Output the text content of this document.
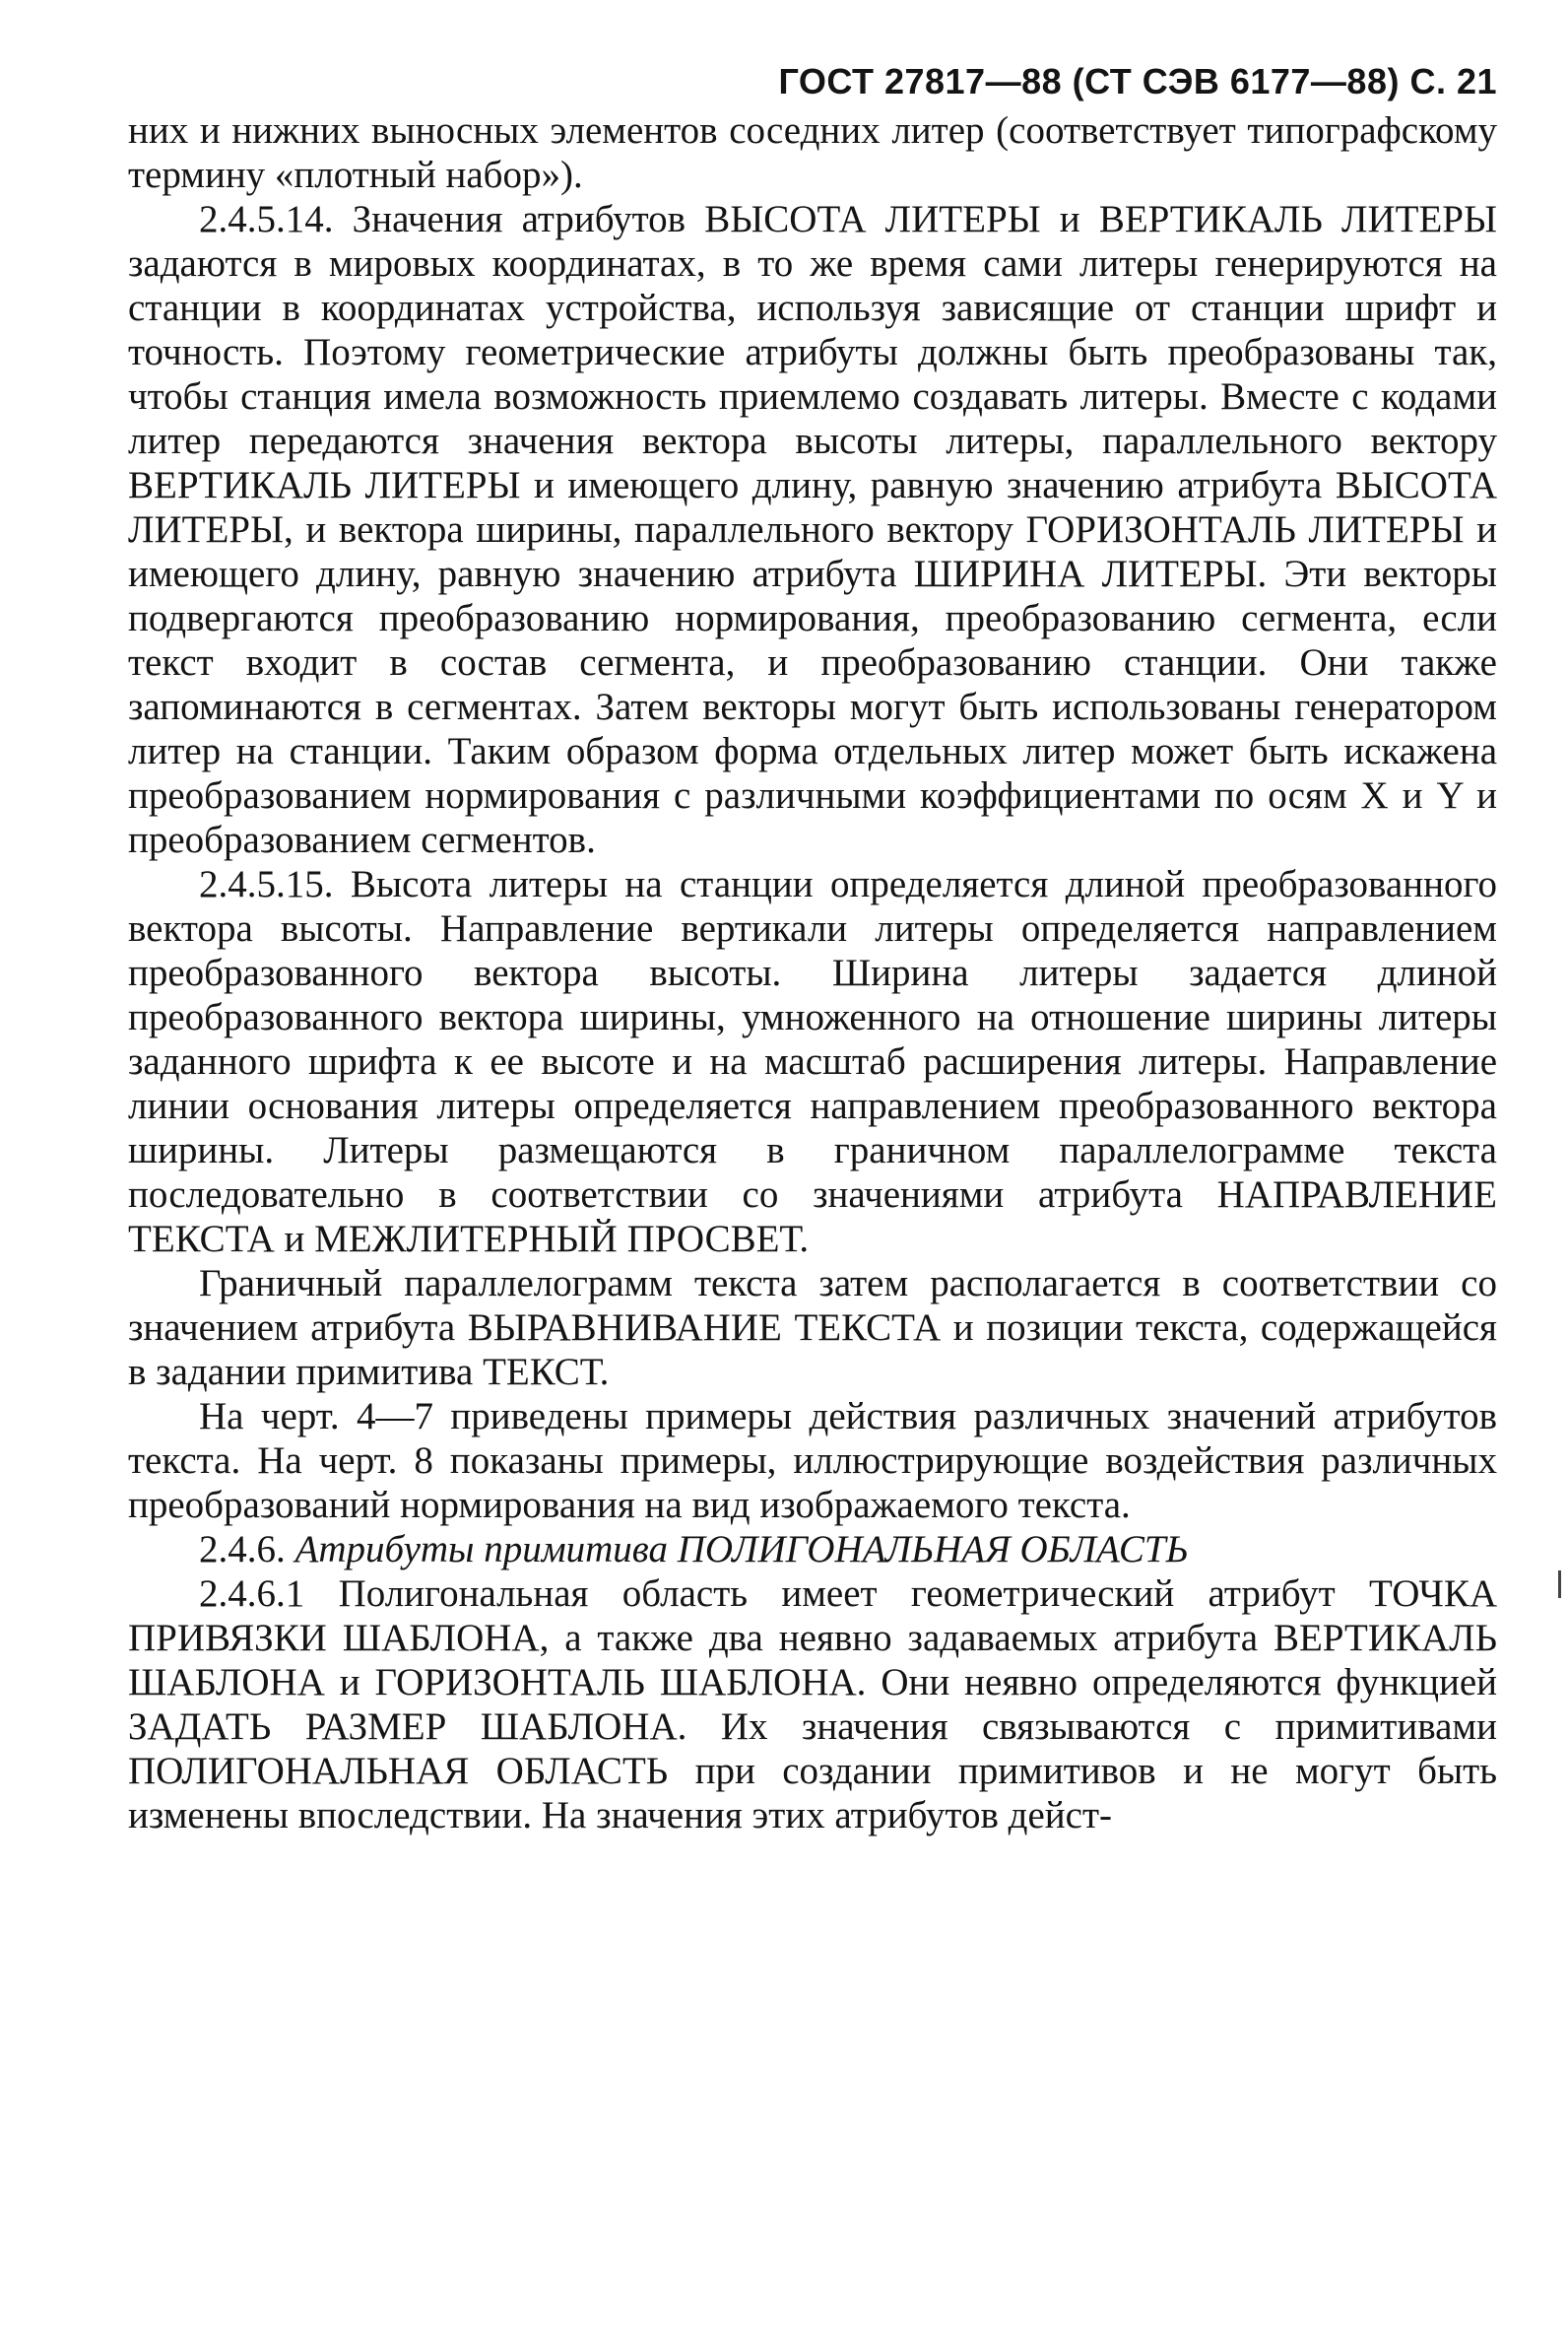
ГОСТ 27817—88 (СТ СЭВ 6177—88) С. 21

них и нижних выносных элементов соседних литер (соответствует типографскому термину «плотный набор»).

2.4.5.14. Значения атрибутов ВЫСОТА ЛИТЕРЫ и ВЕРТИКАЛЬ ЛИТЕРЫ задаются в мировых координатах, в то же время сами литеры генерируются на станции в координатах устройства, используя зависящие от станции шрифт и точность. Поэтому геометрические атрибуты должны быть преобразованы так, чтобы станция имела возможность приемлемо создавать литеры. Вместе с кодами литер передаются значения вектора высоты литеры, параллельного вектору ВЕРТИКАЛЬ ЛИТЕРЫ и имеющего длину, равную значению атрибута ВЫСОТА ЛИТЕРЫ, и вектора ширины, параллельного вектору ГОРИЗОНТАЛЬ ЛИТЕРЫ и имеющего длину, равную значению атрибута ШИРИНА ЛИТЕРЫ. Эти векторы подвергаются преобразованию нормирования, преобразованию сегмента, если текст входит в состав сегмента, и преобразованию станции. Они также запоминаются в сегментах. Затем векторы могут быть использованы генератором литер на станции. Таким образом форма отдельных литер может быть искажена преобразованием нормирования с различными коэффициентами по осям X и Y и преобразованием сегментов.

2.4.5.15. Высота литеры на станции определяется длиной преобразованного вектора высоты. Направление вертикали литеры определяется направлением преобразованного вектора высоты. Ширина литеры задается длиной преобразованного вектора ширины, умноженного на отношение ширины литеры заданного шрифта к ее высоте и на масштаб расширения литеры. Направление линии основания литеры определяется направлением преобразованного вектора ширины. Литеры размещаются в граничном параллелограмме текста последовательно в соответствии со значениями атрибута НАПРАВЛЕНИЕ ТЕКСТА и МЕЖЛИТЕРНЫЙ ПРОСВЕТ.

Граничный параллелограмм текста затем располагается в соответствии со значением атрибута ВЫРАВНИВАНИЕ ТЕКСТА и позиции текста, содержащейся в задании примитива ТЕКСТ.

На черт. 4—7 приведены примеры действия различных значений атрибутов текста. На черт. 8 показаны примеры, иллюстрирующие воздействия различных преобразований нормирования на вид изображаемого текста.

2.4.6. Атрибуты примитива ПОЛИГОНАЛЬНАЯ ОБЛАСТЬ

2.4.6.1 Полигональная область имеет геометрический атрибут ТОЧКА ПРИВЯЗКИ ШАБЛОНА, а также два неявно задаваемых атрибута ВЕРТИКАЛЬ ШАБЛОНА и ГОРИЗОНТАЛЬ ШАБЛОНА. Они неявно определяются функцией ЗАДАТЬ РАЗМЕР ШАБЛОНА. Их значения связываются с примитивами ПОЛИГОНАЛЬНАЯ ОБЛАСТЬ при создании примитивов и не могут быть изменены впоследствии. На значения этих атрибутов дейст-
